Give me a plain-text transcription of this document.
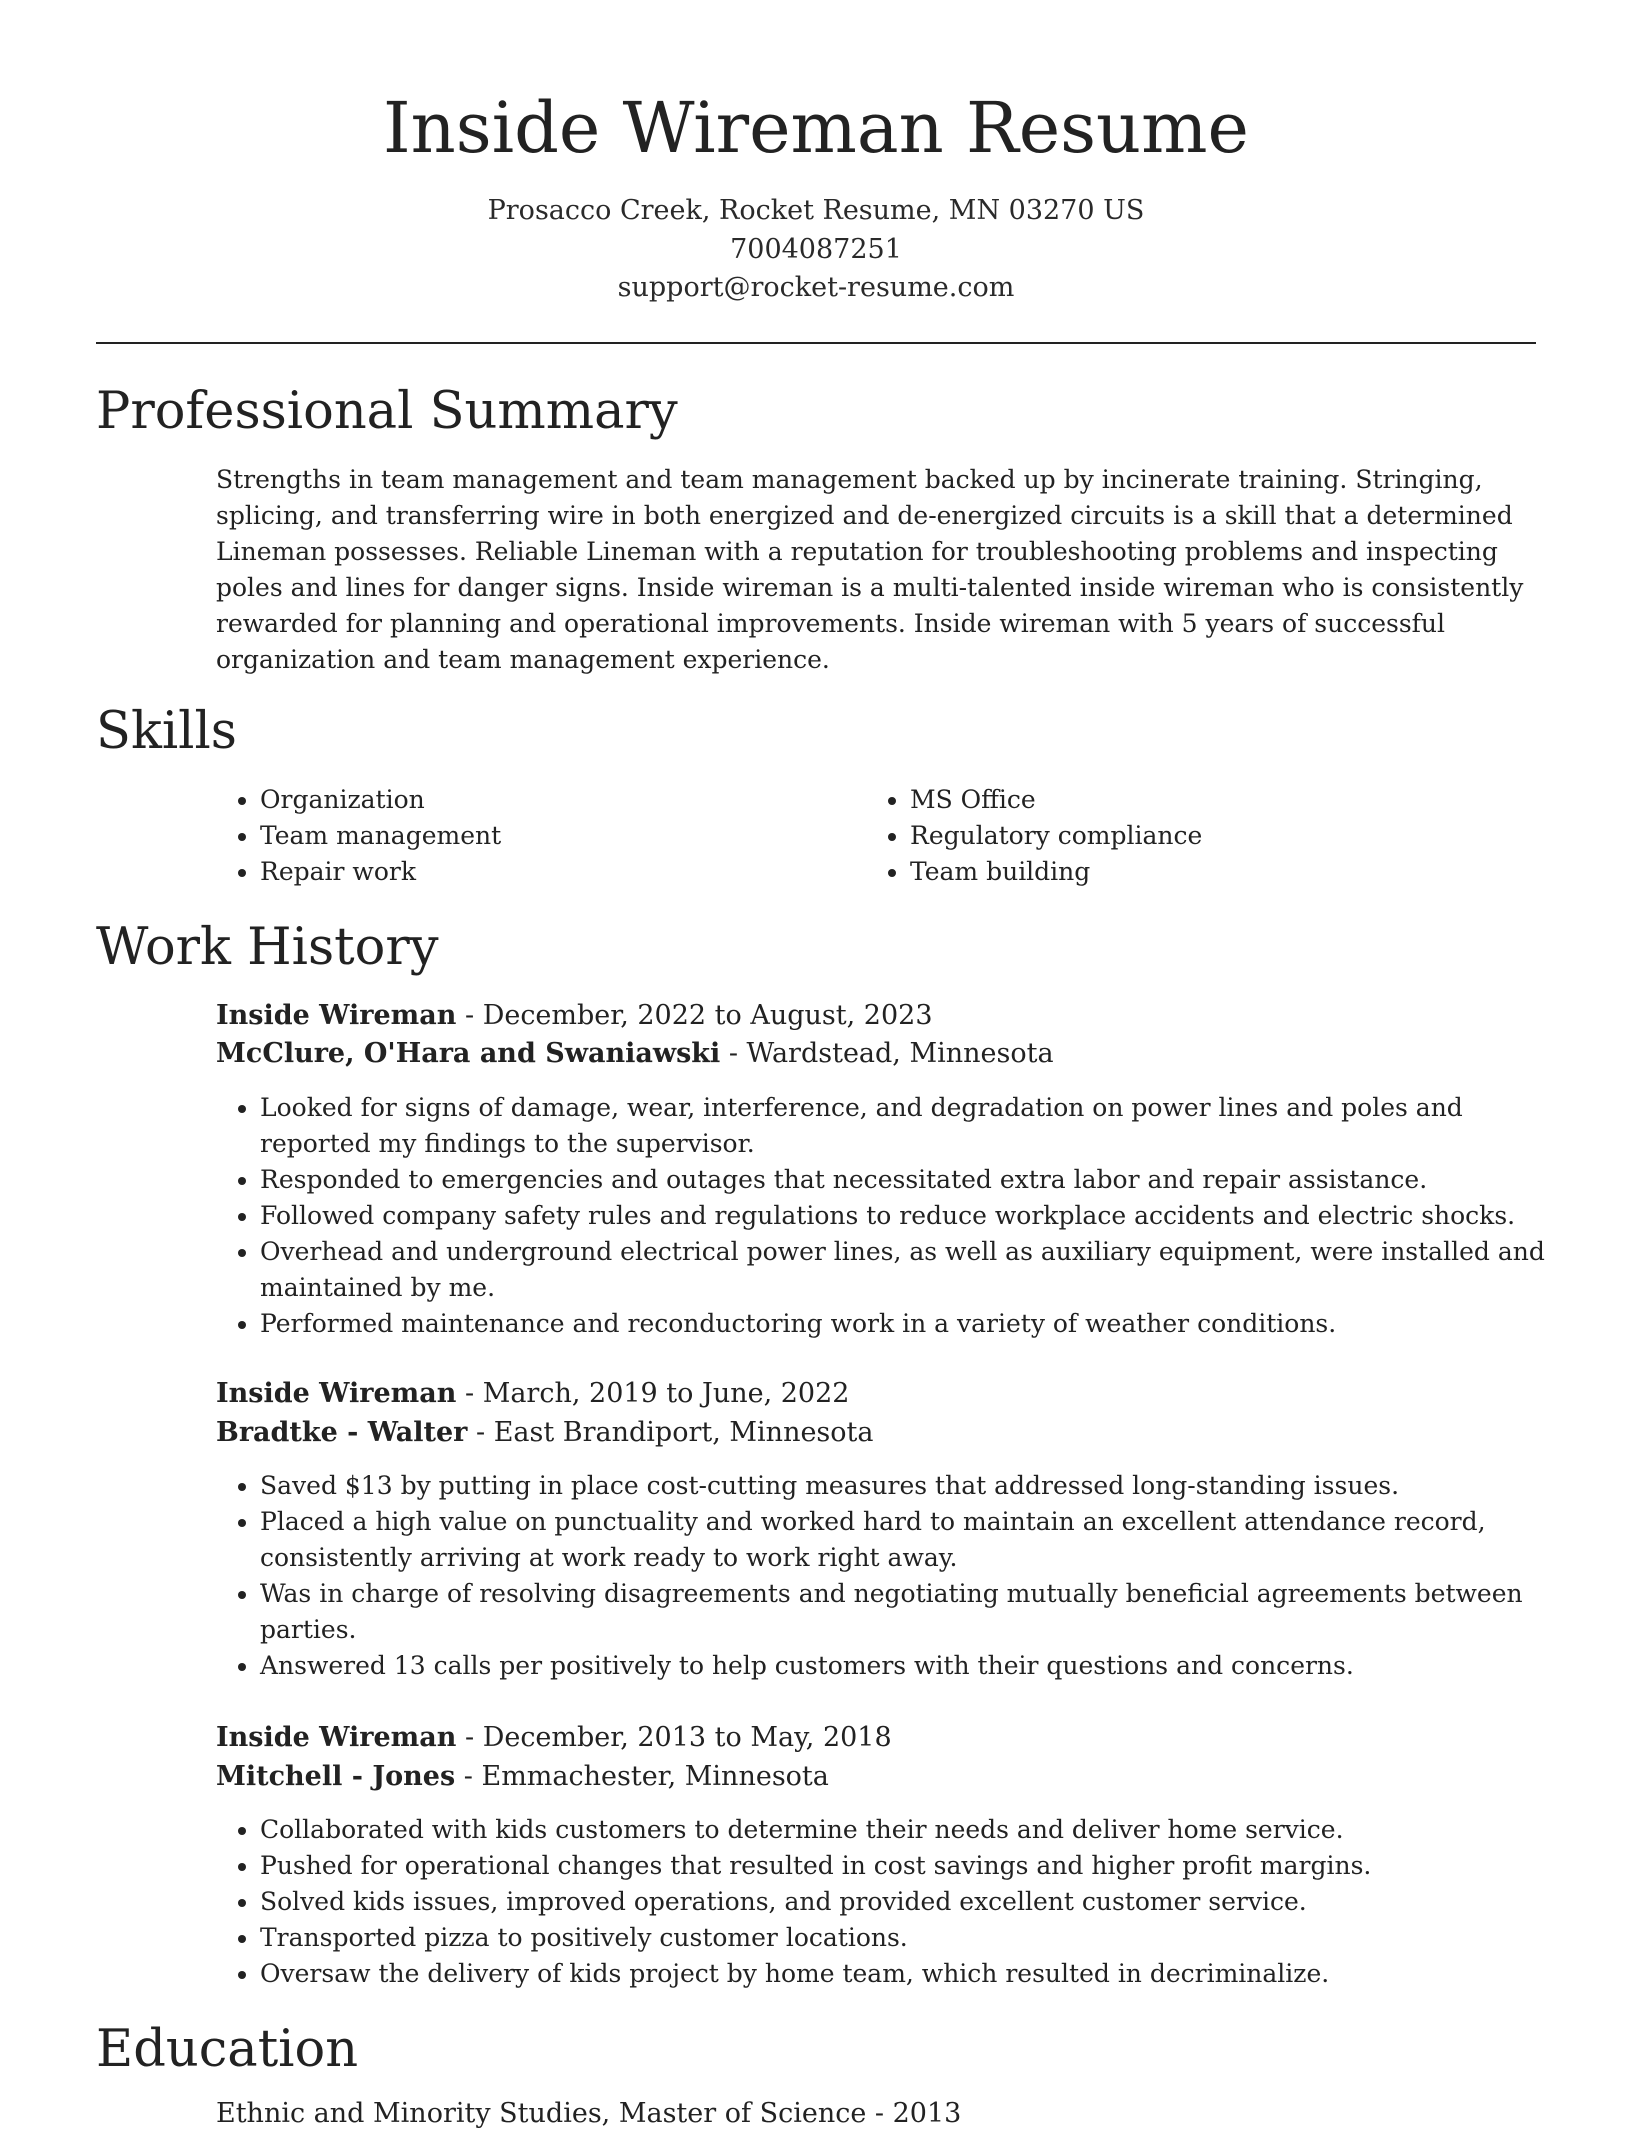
Inside Wireman Resume
Prosacco Creek, Rocket Resume, MN 03270 US
7004087251
support@rocket-resume.com
Professional Summary

Strengths in team management and team management backed up by incinerate training. Stringing, splicing, and transferring wire in both energized and de-energized circuits is a skill that a determined Lineman possesses. Reliable Lineman with a reputation for troubleshooting problems and inspecting poles and lines for danger signs. Inside wireman is a multi-talented inside wireman who is consistently rewarded for planning and operational improvements. Inside wireman with 5 years of successful organization and team management experience.

Skills
• Organization
• Team management
• Repair work
• MS Office
• Regulatory compliance
• Team building
Work History
Inside Wireman - December, 2022 to August, 2023
McClure, O'Hara and Swaniawski - Wardstead, Minnesota
• Looked for signs of damage, wear, interference, and degradation on power lines and poles and reported my findings to the supervisor.
• Responded to emergencies and outages that necessitated extra labor and repair assistance.
• Followed company safety rules and regulations to reduce workplace accidents and electric shocks.
• Overhead and underground electrical power lines, as well as auxiliary equipment, were installed and maintained by me.
• Performed maintenance and reconductoring work in a variety of weather conditions.
Inside Wireman - March, 2019 to June, 2022
Bradtke - Walter - East Brandiport, Minnesota
• Saved $13 by putting in place cost-cutting measures that addressed long-standing issues.
• Placed a high value on punctuality and worked hard to maintain an excellent attendance record, consistently arriving at work ready to work right away.
• Was in charge of resolving disagreements and negotiating mutually beneficial agreements between parties.
• Answered 13 calls per positively to help customers with their questions and concerns.
Inside Wireman - December, 2013 to May, 2018
Mitchell - Jones - Emmachester, Minnesota
• Collaborated with kids customers to determine their needs and deliver home service.
• Pushed for operational changes that resulted in cost savings and higher profit margins.
• Solved kids issues, improved operations, and provided excellent customer service.
• Transported pizza to positively customer locations.
• Oversaw the delivery of kids project by home team, which resulted in decriminalize.
Education
Ethnic and Minority Studies, Master of Science - 2013
